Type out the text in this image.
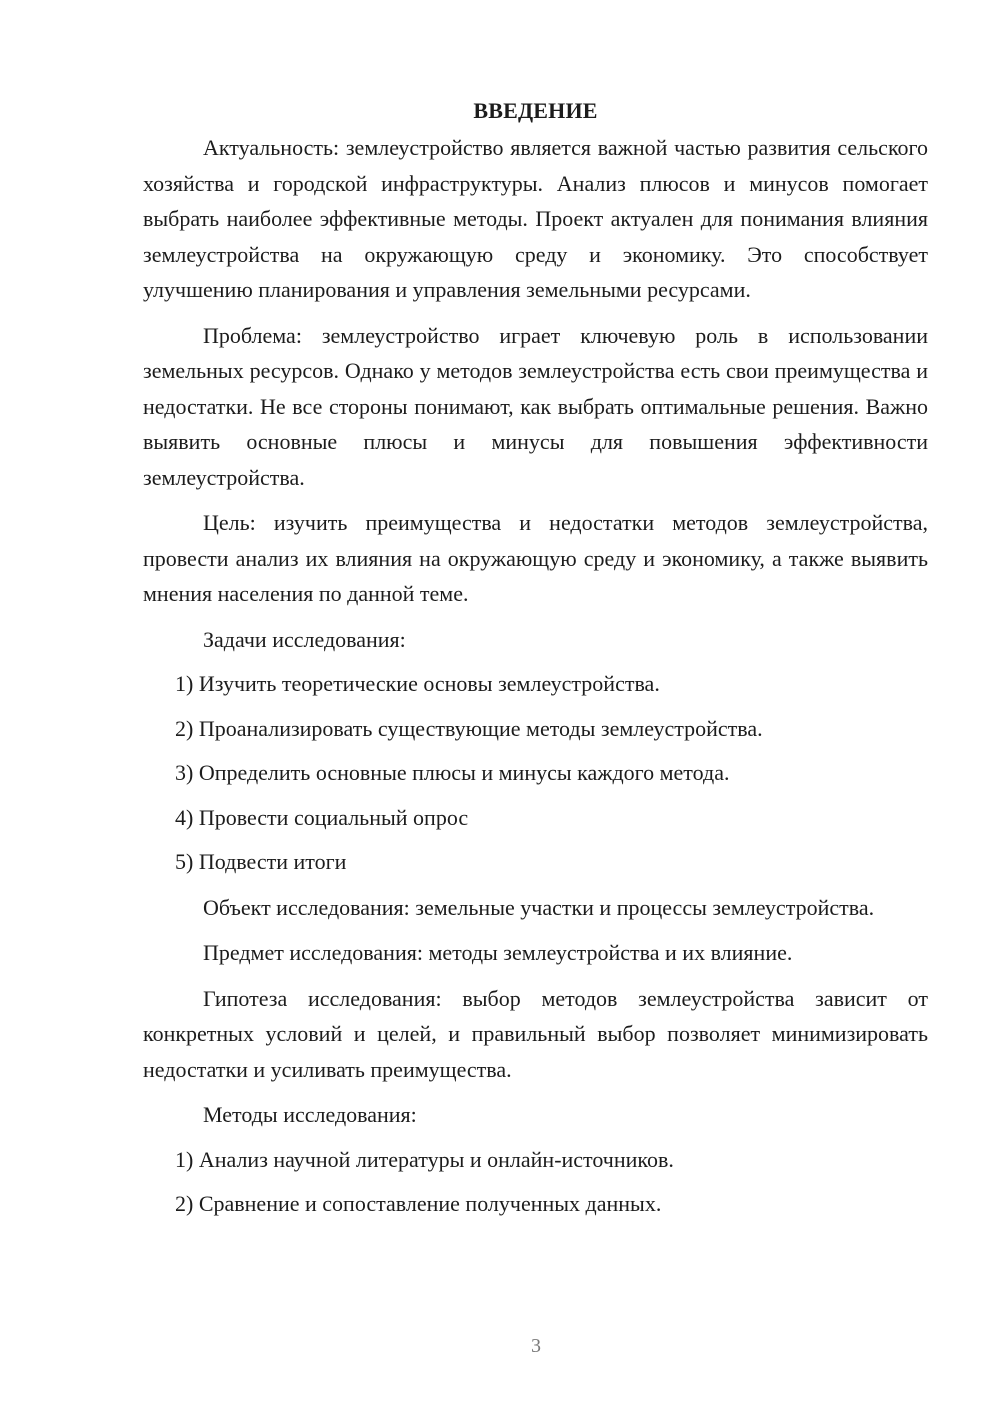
ВВЕДЕНИЕ

Актуальность: землеустройство является важной частью развития сельского хозяйства и городской инфраструктуры. Анализ плюсов и минусов помогает выбрать наиболее эффективные методы. Проект актуален для понимания влияния землеустройства на окружающую среду и экономику. Это способствует улучшению планирования и управления земельными ресурсами.

Проблема: землеустройство играет ключевую роль в использовании земельных ресурсов. Однако у методов землеустройства есть свои преимущества и недостатки. Не все стороны понимают, как выбрать оптимальные решения. Важно выявить основные плюсы и минусы для повышения эффективности землеустройства.

Цель: изучить преимущества и недостатки методов землеустройства, провести анализ их влияния на окружающую среду и экономику, а также выявить мнения населения по данной теме.

Задачи исследования:

1) Изучить теоретические основы землеустройства.

2) Проанализировать существующие методы землеустройства.

3) Определить основные плюсы и минусы каждого метода.

4) Провести социальный опрос

5) Подвести итоги

Объект исследования: земельные участки и процессы землеустройства.

Предмет исследования: методы землеустройства и их влияние.

Гипотеза исследования: выбор методов землеустройства зависит от конкретных условий и целей, и правильный выбор позволяет минимизировать недостатки и усиливать преимущества.

Методы исследования:

1) Анализ научной литературы и онлайн-источников.

2) Сравнение и сопоставление полученных данных.

3
